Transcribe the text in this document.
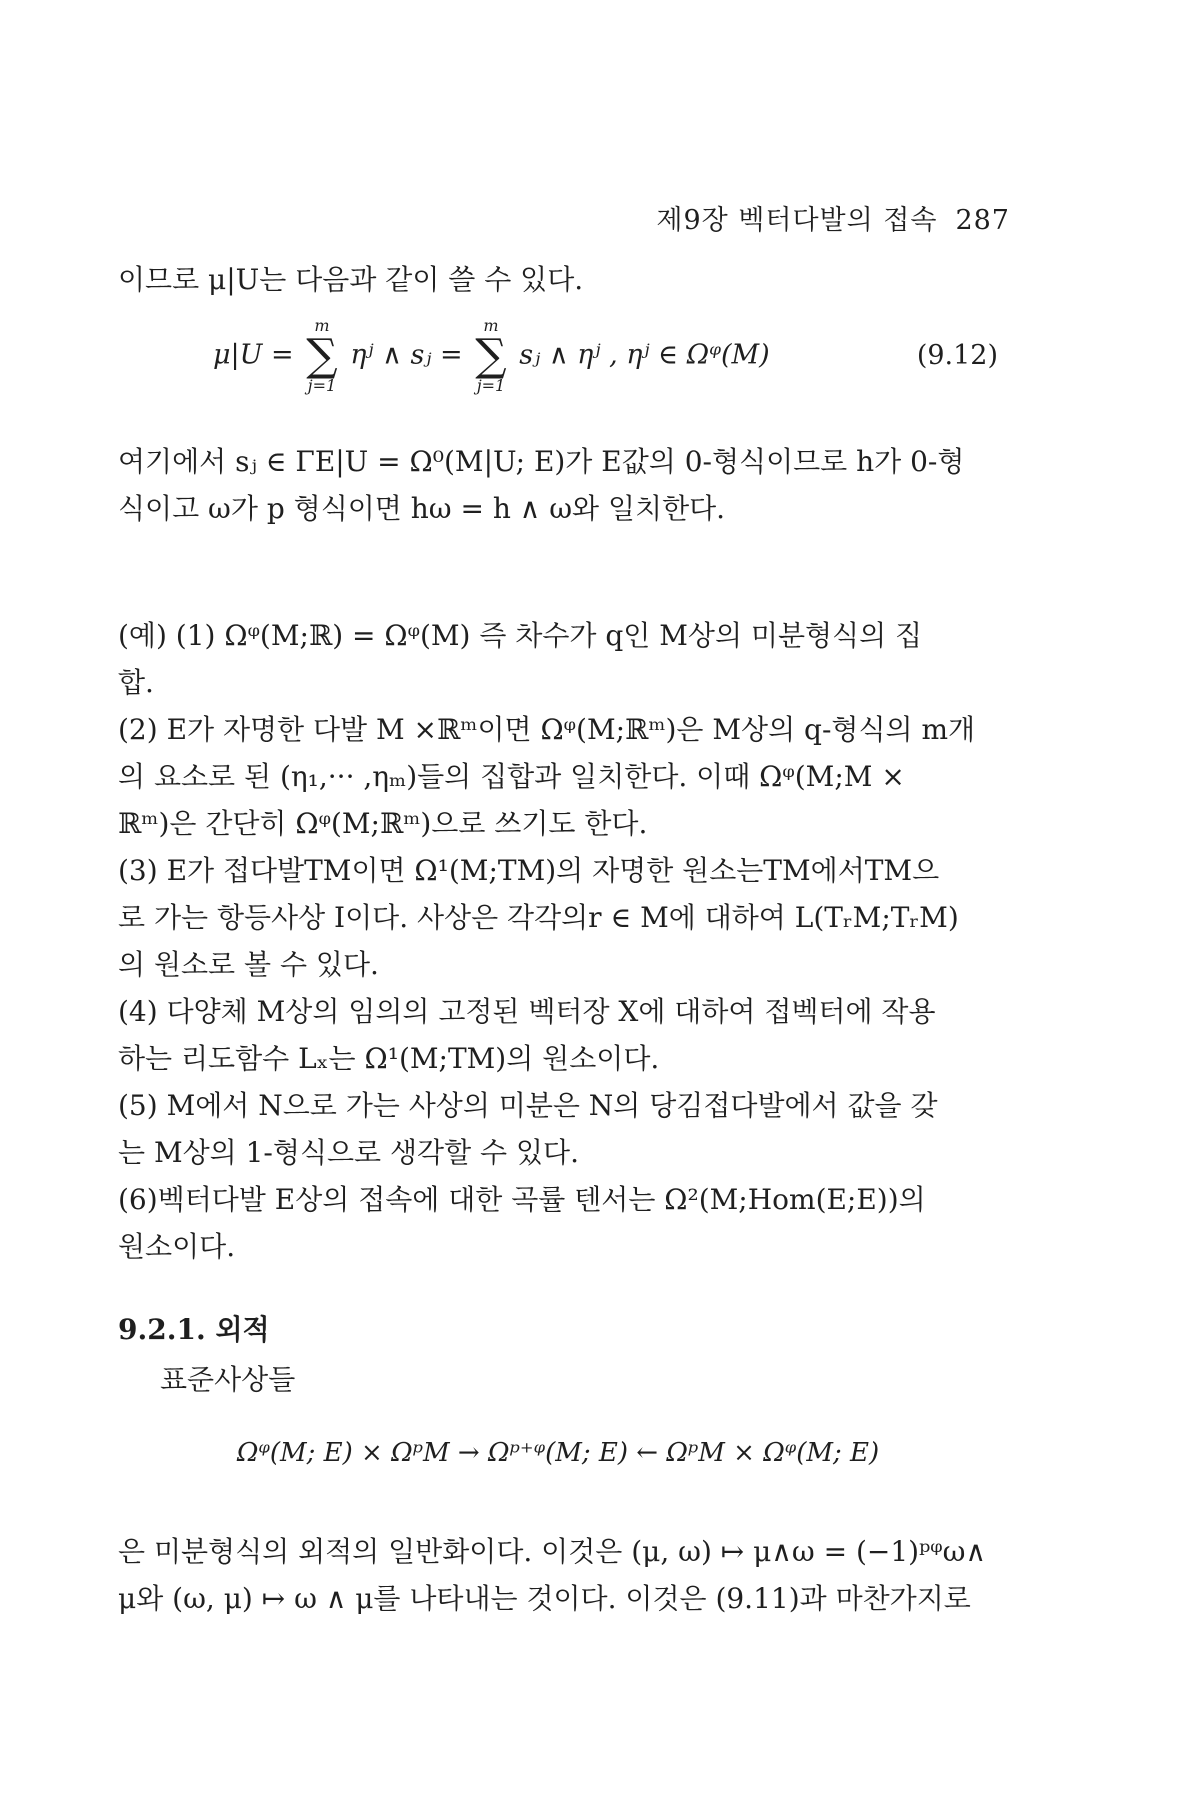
제9장 벡터다발의 접속 287
이므로 μ|U는 다음과 같이 쓸 수 있다.
μ|U =
m
∑
j=1
ηʲ ∧ sⱼ =
m
∑
j=1
sⱼ ∧ ηʲ , ηʲ ∈ Ωᵠ(M)	(9.12)
여기에서 sⱼ ∈ ΓE|U = Ω⁰(M|U; E)가 E값의 0-형식이므로 h가 0-형
식이고 ω가 p 형식이면 hω = h ∧ ω와 일치한다.
(예) (1) Ωᵠ(M;ℝ) = Ωᵠ(M) 즉 차수가 q인 M상의 미분형식의 집
합.
(2) E가 자명한 다발 M ×ℝᵐ이면 Ωᵠ(M;ℝᵐ)은 M상의 q-형식의 m개
의 요소로 된 (η₁,··· ,ηₘ)들의 집합과 일치한다. 이때 Ωᵠ(M;M ×
ℝᵐ)은 간단히 Ωᵠ(M;ℝᵐ)으로 쓰기도 한다.
(3) E가 접다발TM이면 Ω¹(M;TM)의 자명한 원소는TM에서TM으
로 가는 항등사상 I이다. 사상은 각각의r ∈ M에 대하여 L(TᵣM;TᵣM)
의 원소로 볼 수 있다.
(4) 다양체 M상의 임의의 고정된 벡터장 X에 대하여 접벡터에 작용
하는 리도함수 Lₓ는 Ω¹(M;TM)의 원소이다.
(5) M에서 N으로 가는 사상의 미분은 N의 당김접다발에서 값을 갖
는 M상의 1-형식으로 생각할 수 있다.
(6)벡터다발 E상의 접속에 대한 곡률 텐서는 Ω²(M;Hom(E;E))의
원소이다.
9.2.1. 외적
표준사상들
Ωᵠ(M; E) × ΩᵖM → Ωᵖ⁺ᵠ(M; E) ← ΩᵖM × Ωᵠ(M; E)
은 미분형식의 외적의 일반화이다. 이것은 (μ, ω) ↦ μ∧ω = (−1)ᵖᵠω∧
μ와 (ω, μ) ↦ ω ∧ μ를 나타내는 것이다. 이것은 (9.11)과 마찬가지로
